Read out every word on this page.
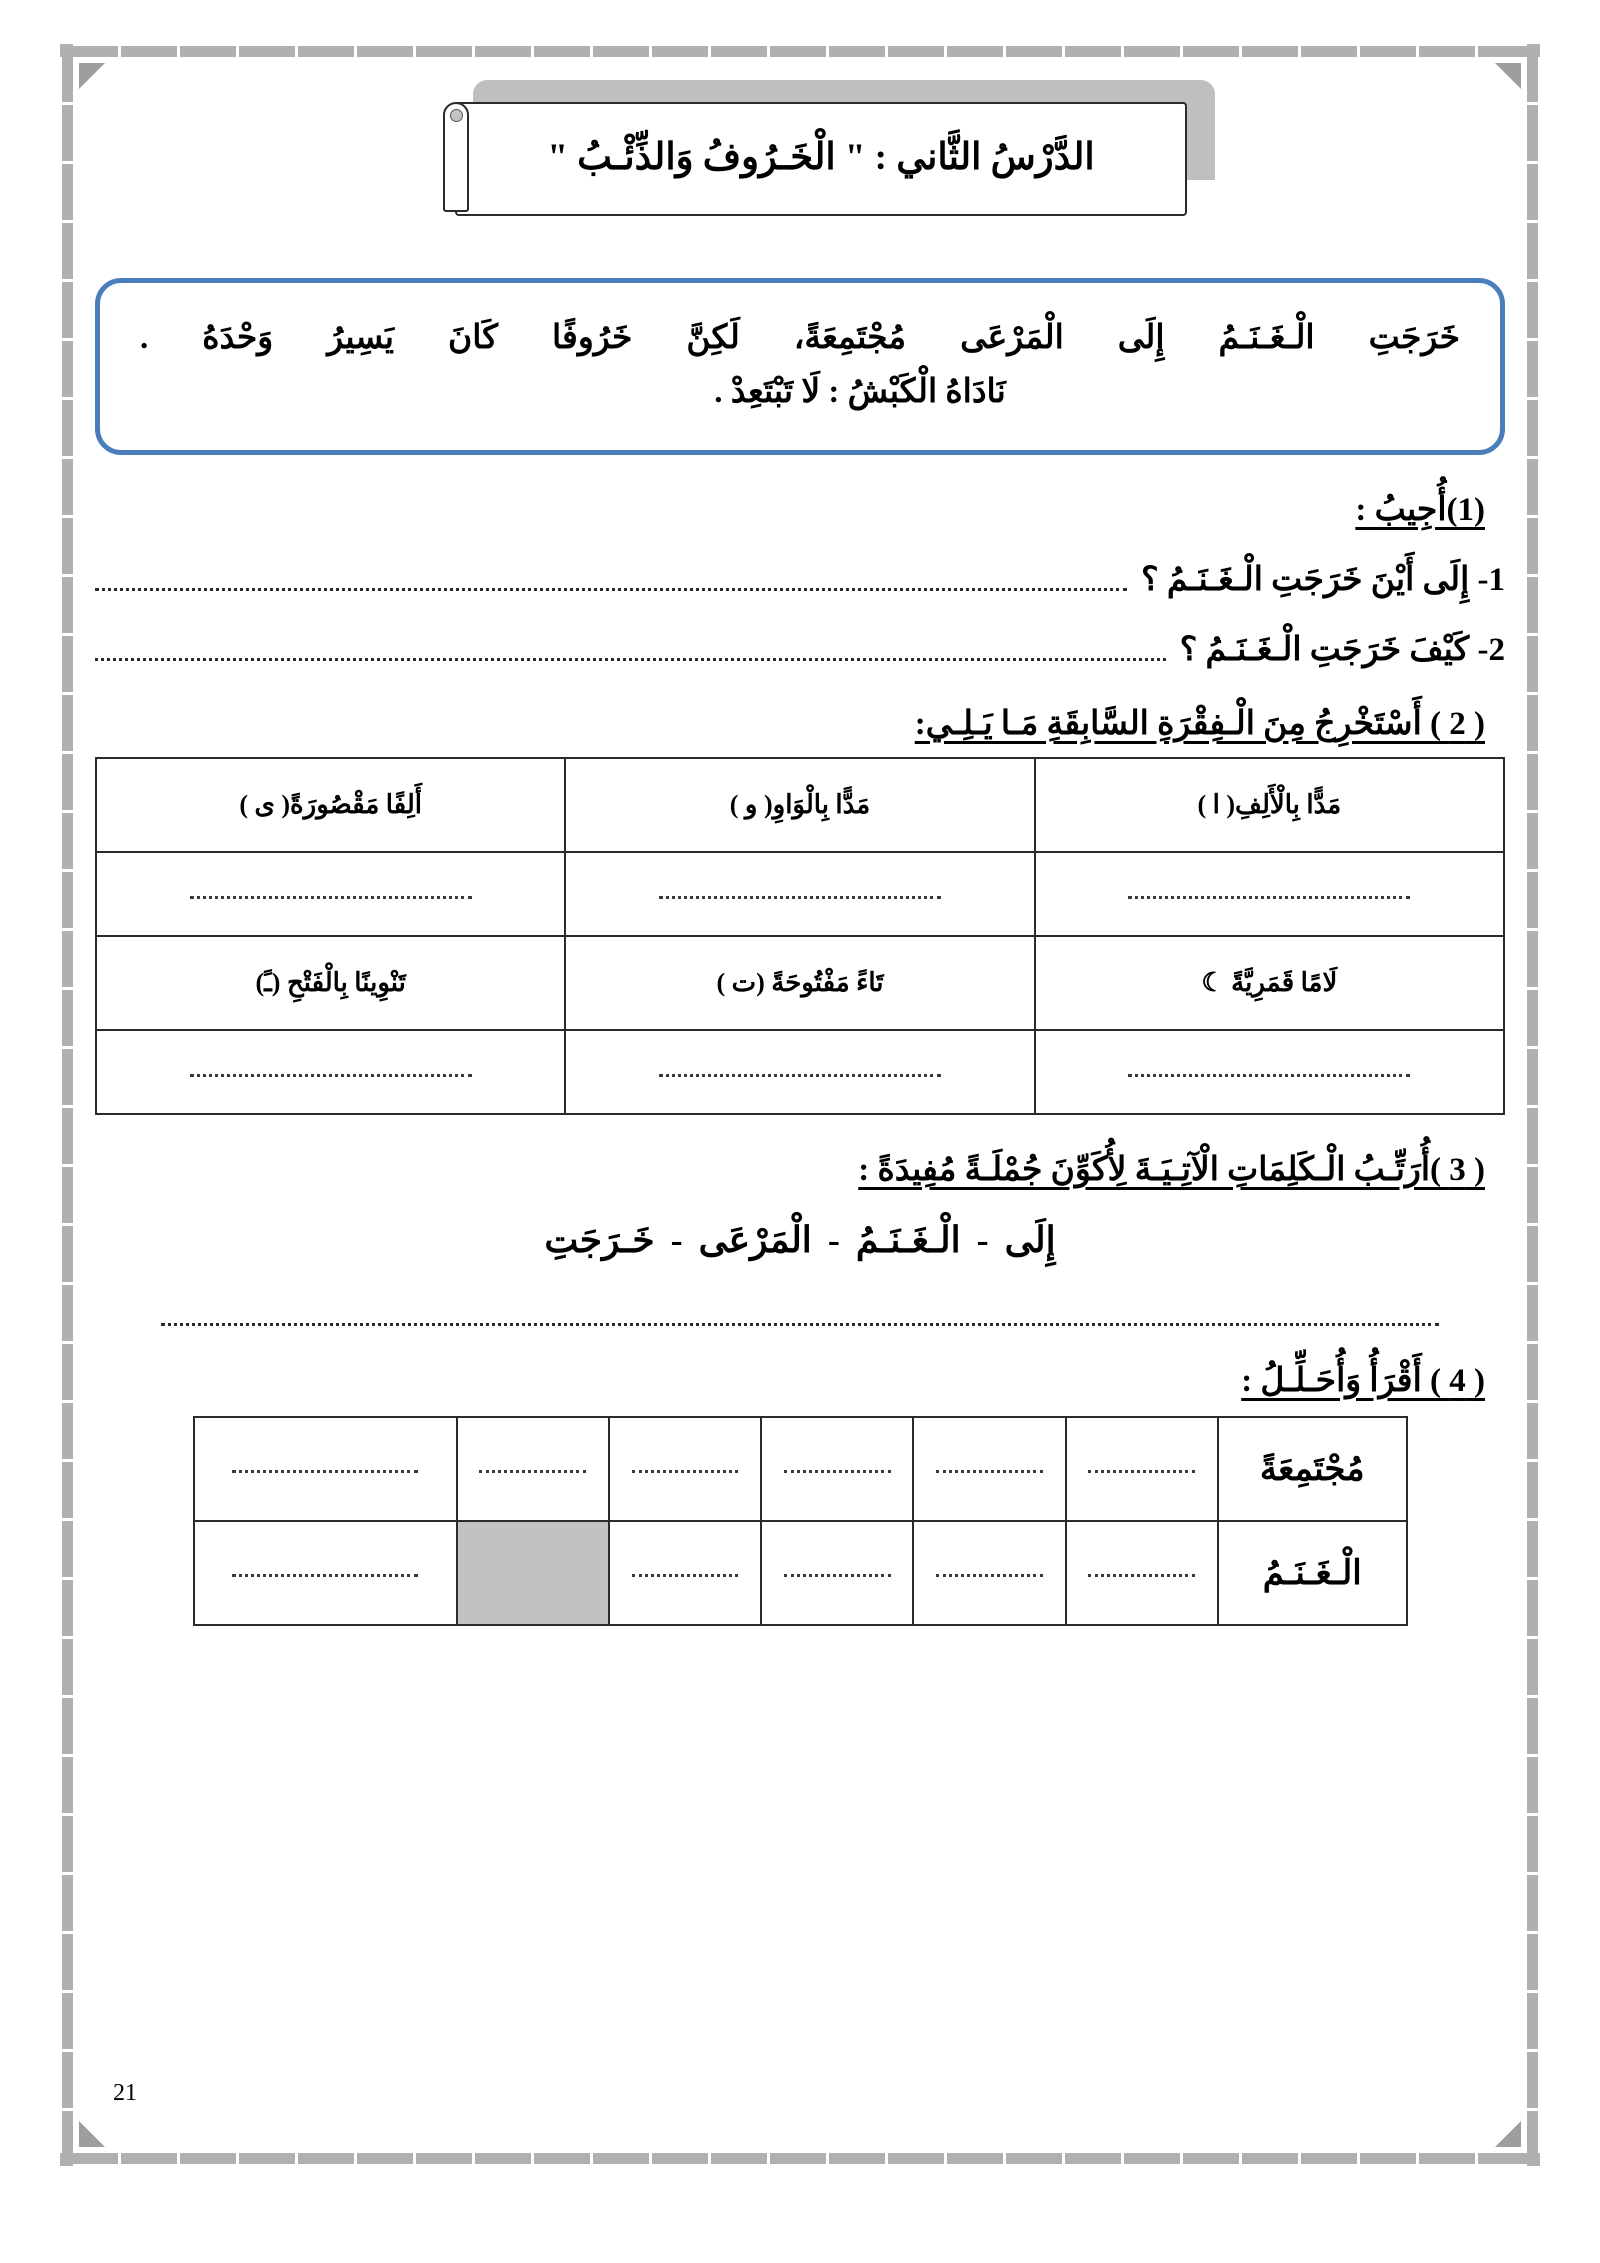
الدَّرْسُ الثَّاني : " الْخَـرُوفُ وَالذِّئْـبُ "
خَرَجَتِ الْـغَـنَـمُ إِلَى الْمَرْعَى مُجْتَمِعَةً، لَكِنَّ خَرُوفًا كَانَ يَسِيرُ وَحْدَهُ .
نَادَاهُ الْكَبْشُ : لَا تَبْتَعِدْ .
(1)أُجِيبُ :
1- إِلَى أَيْنَ خَرَجَتِ الْـغَـنَـمُ ؟
2- كَيْفَ خَرَجَتِ الْـغَـنَـمُ ؟
( 2 ) أَسْتَخْرِجُ مِنَ الْـفِقْرَةِ السَّابِقَةِ مَـا يَـلِـي:
مَدًّا بِالْأَلِفِ( ا )	مَدًّا بِالْوَاوِ( و )	أَلِفًا مَقْصُورَةً( ى )

لَامًا قَمَرِيَّةً ☾	تَاءً مَفْتُوحَةً (ت )	تَنْوِينًا بِالْفَتْحِ (ـً)

( 3 )أُرَتِّـبُ الْـكَلِمَاتِ الْآتِـيَـةَ لِأُكَوِّنَ جُمْلَـةً مُفِيدَةً :
إِلَى-الْـغَـنَـمُ-الْمَرْعَى-خَـرَجَتِ
( 4 ) أَقْرَأُ وَأُحَـلِّـلُ :
مُجْتَمِعَةً						
الْـغَـنَـمُ						
21
